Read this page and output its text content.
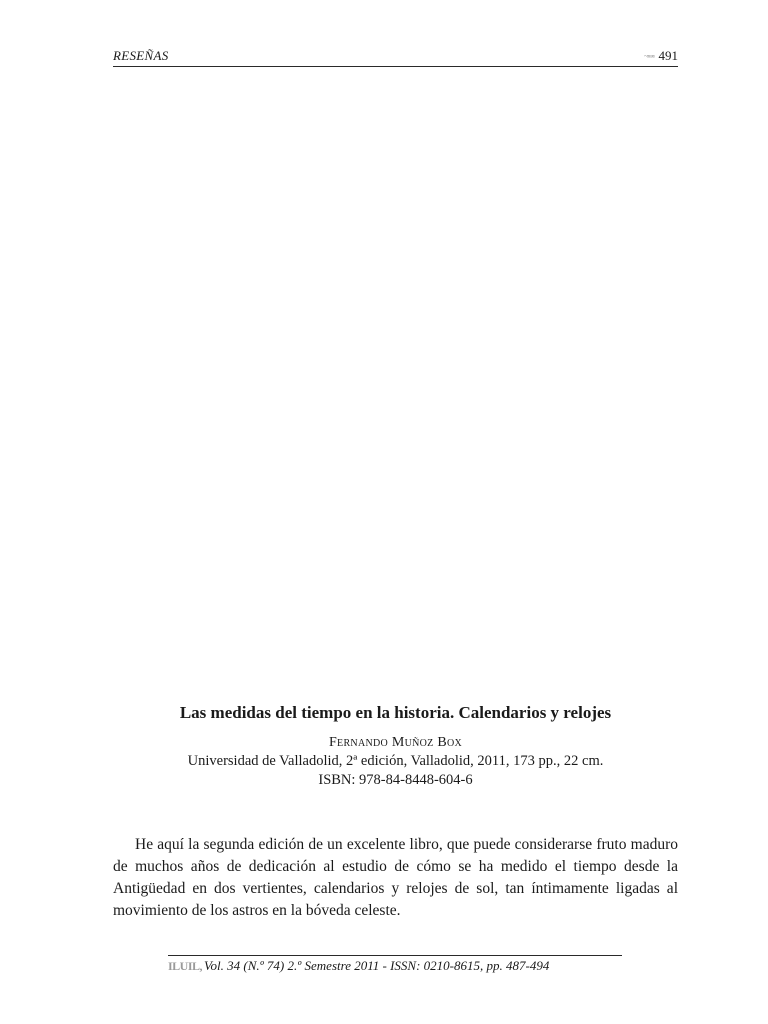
RESEÑAS	~∞∞ 491
Las medidas del tiempo en la historia. Calendarios y relojes
Fernando Muñoz Box
Universidad de Valladolid, 2ª edición, Valladolid, 2011, 173 pp., 22 cm.
ISBN: 978-84-8448-604-6

He aquí la segunda edición de un excelente libro, que puede considerarse fruto maduro de muchos años de dedicación al estudio de cómo se ha medido el tiempo desde la Antigüedad en dos vertientes, calendarios y relojes de sol, tan íntimamente ligadas al movimiento de los astros en la bóveda celeste.

ILUIL, Vol. 34 (N.º 74) 2.º Semestre 2011 - ISSN: 0210-8615, pp. 487-494
